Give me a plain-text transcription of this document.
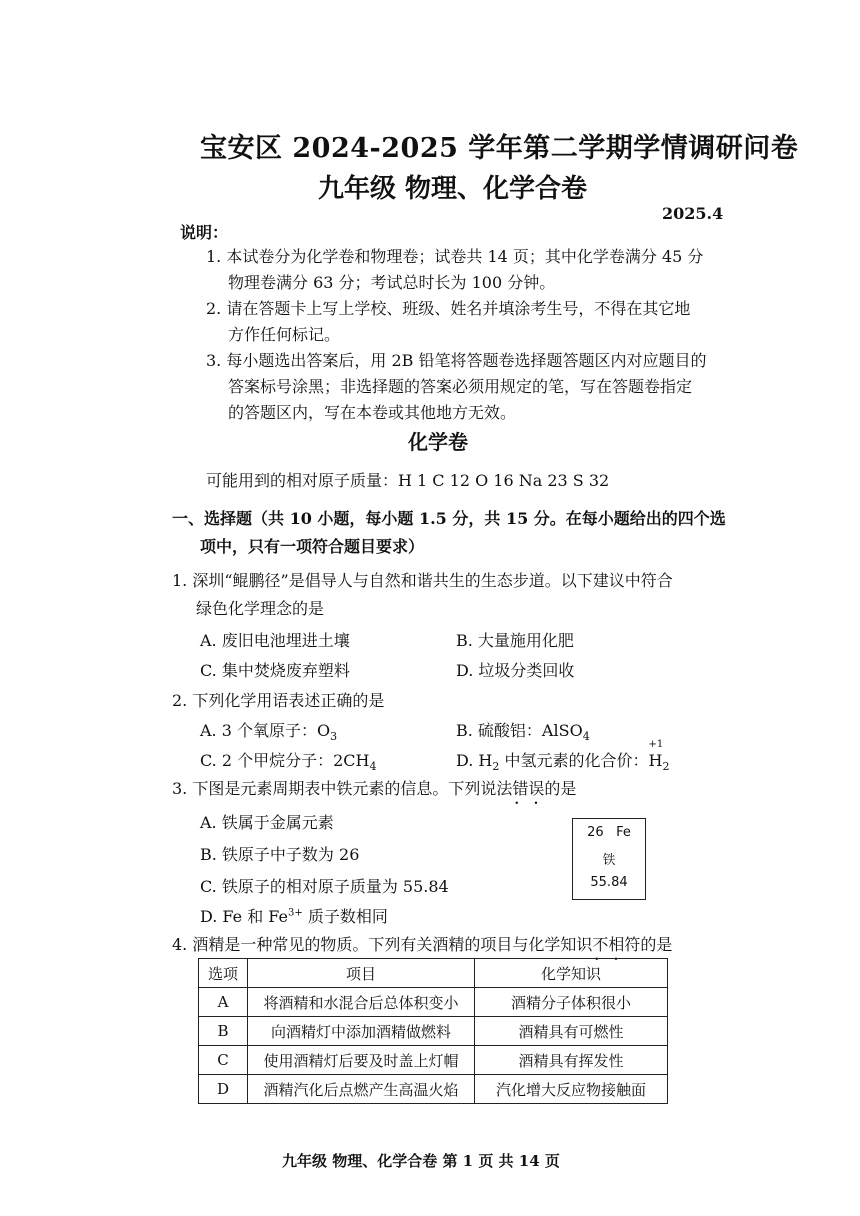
宝安区 2024-2025 学年第二学期学情调研问卷
九年级 物理、化学合卷
2025.4
说明：
1. 本试卷分为化学卷和物理卷；试卷共 14 页；其中化学卷满分 45 分
物理卷满分 63 分；考试总时长为 100 分钟。
2. 请在答题卡上写上学校、班级、姓名并填涂考生号，不得在其它地
方作任何标记。
3. 每小题选出答案后，用 2B 铅笔将答题卷选择题答题区内对应题目的
答案标号涂黑；非选择题的答案必须用规定的笔，写在答题卷指定
的答题区内，写在本卷或其他地方无效。
化学卷
可能用到的相对原子质量：H 1 C 12 O 16 Na 23 S 32
一、选择题（共 10 小题，每小题 1.5 分，共 15 分。在每小题给出的四个选
项中，只有一项符合题目要求）
1. 深圳“鲲鹏径”是倡导人与自然和谐共生的生态步道。以下建议中符合
绿色化学理念的是
A. 废旧电池埋进土壤	B. 大量施用化肥
C. 集中焚烧废弃塑料	D. 垃圾分类回收
2. 下列化学用语表述正确的是
A. 3 个氧原子：$O_3$	B. 硫酸铝：AlSO$_4$
C. 2 个甲烷分子：$2CH_4$	D. $H_2$ 中氢元素的化合价：
+1
$H_2$
3. 下图是元素周期表中铁元素的信息。下列说法错误 • •的是
A. 铁属于金属元素
B. 铁原子中子数为 26
C. 铁原子的相对原子质量为 55.84
D. Fe 和 $Fe^{3+}$ 质子数相同
26 Fe
铁
55.84
4. 酒精是一种常见的物质。下列有关酒精的项目与化学知识不相符 • •的是
选项	项目	化学知识
A	将酒精和水混合后总体积变小	酒精分子体积很小
B	向酒精灯中添加酒精做燃料	酒精具有可燃性
C	使用酒精灯后要及时盖上灯帽	酒精具有挥发性
D	酒精汽化后点燃产生高温火焰	汽化增大反应物接触面
九年级 物理、化学合卷 第 1 页 共 14 页
